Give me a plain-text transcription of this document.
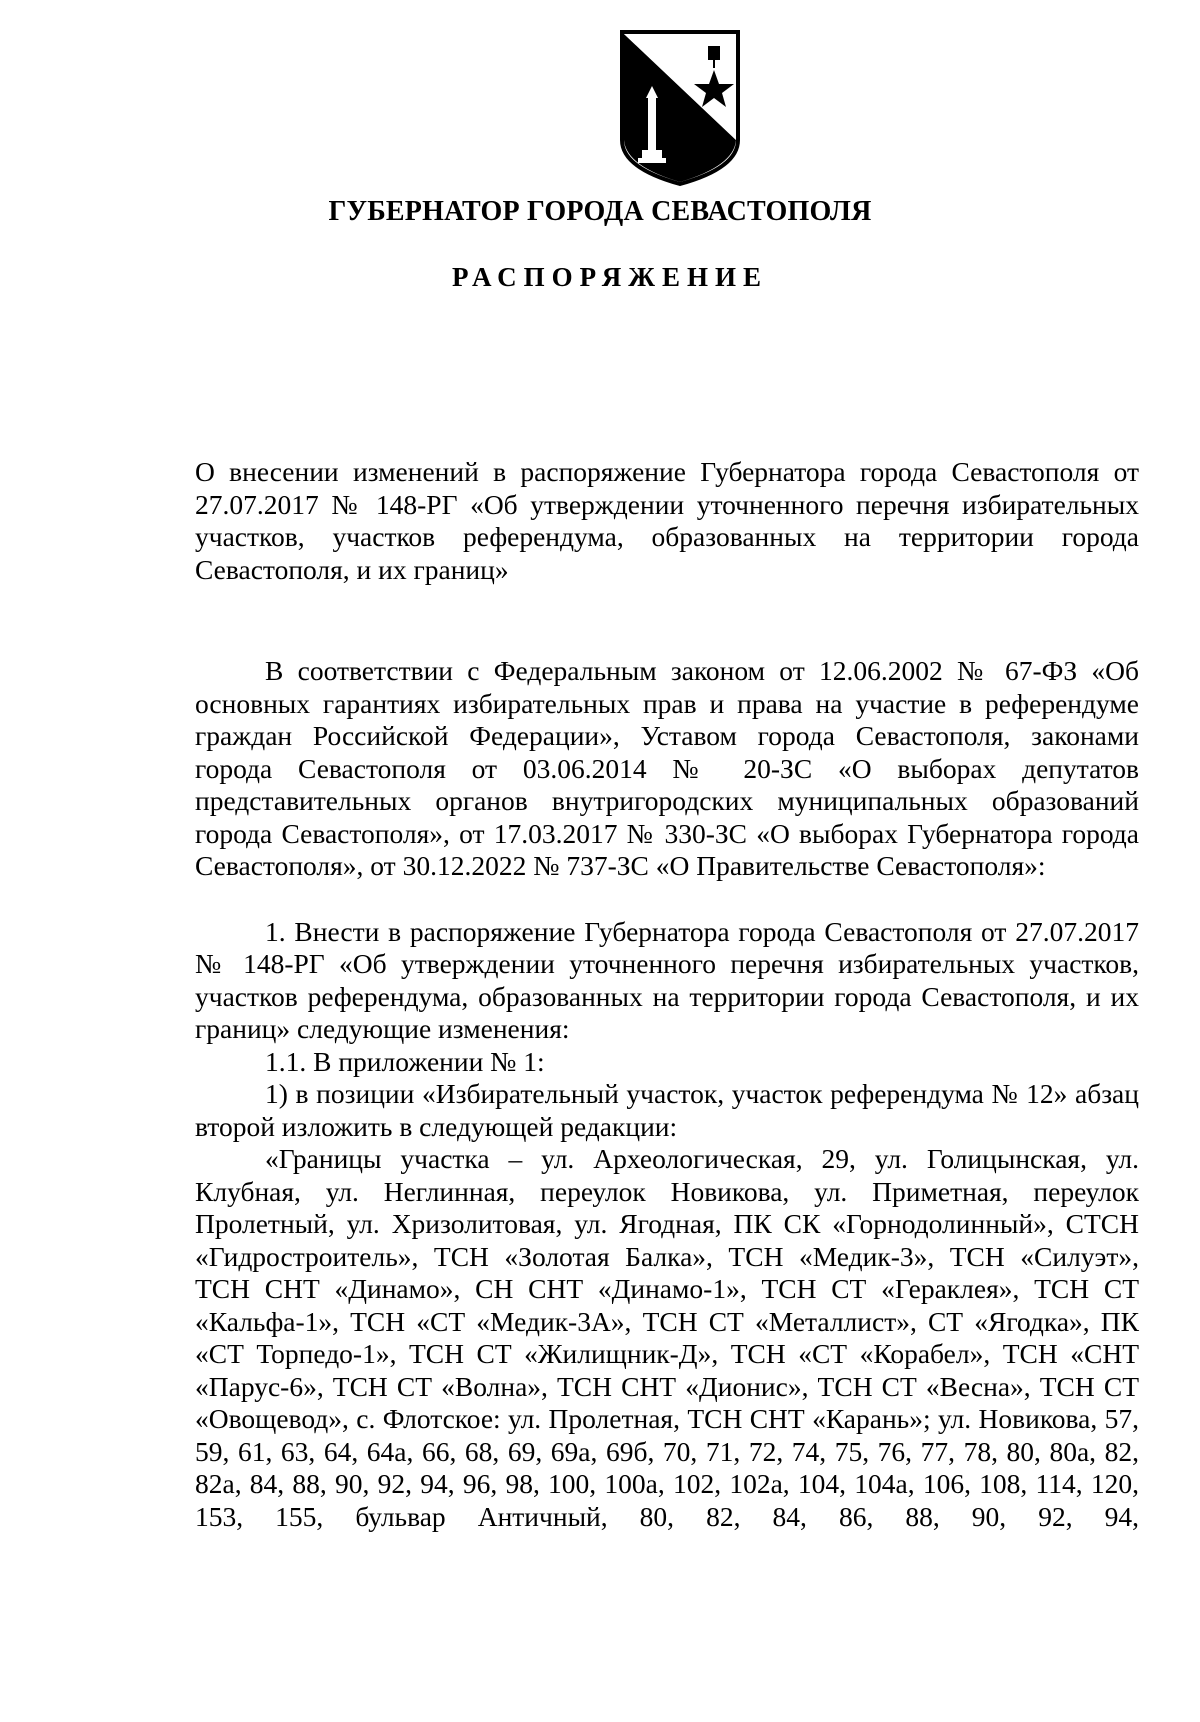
ГУБЕРНАТОР ГОРОДА СЕВАСТОПОЛЯ
РАСПОРЯЖЕНИЕ

О внесении изменений в распоряжение Губернатора города Севастополя от 27.07.2017 № 148-РГ «Об утверждении уточненного перечня избирательных участков, участков референдума, образованных на территории города Севастополя, и их границ»

В соответствии с Федеральным законом от 12.06.2002 № 67-ФЗ «Об основных гарантиях избирательных прав и права на участие в референдуме граждан Российской Федерации», Уставом города Севастополя, законами города Севастополя от 03.06.2014 № 20-ЗС «О выборах депутатов представительных органов внутригородских муниципальных образований города Севастополя», от 17.03.2017 № 330-ЗС «О выборах Губернатора города Севастополя», от 30.12.2022 № 737-ЗС «О Правительстве Севастополя»:

1. Внести в распоряжение Губернатора города Севастополя от 27.07.2017 № 148-РГ «Об утверждении уточненного перечня избирательных участков, участков референдума, образованных на территории города Севастополя, и их границ» следующие изменения:

1.1. В приложении № 1:

1) в позиции «Избирательный участок, участок референдума № 12» абзац второй изложить в следующей редакции:

«Границы участка – ул. Археологическая, 29, ул. Голицынская, ул. Клубная, ул. Неглинная, переулок Новикова, ул. Приметная, переулок Пролетный, ул. Хризолитовая, ул. Ягодная, ПК СК «Горнодолинный», СТСН «Гидростроитель», ТСН «Золотая Балка», ТСН «Медик-3», ТСН «Силуэт», ТСН СНТ «Динамо», СН СНТ «Динамо-1», ТСН СТ «Гераклея», ТСН СТ «Кальфа-1», ТСН «СТ «Медик-3А», ТСН СТ «Металлист», СТ «Ягодка», ПК «СТ Торпедо-1», ТСН СТ «Жилищник-Д», ТСН «СТ «Корабел», ТСН «СНТ «Парус-6», ТСН СТ «Волна», ТСН СНТ «Дионис», ТСН СТ «Весна», ТСН СТ «Овощевод», с. Флотское: ул. Пролетная, ТСН СНТ «Карань»; ул. Новикова, 57, 59, 61, 63, 64, 64а, 66, 68, 69, 69а, 69б, 70, 71, 72, 74, 75, 76, 77, 78, 80, 80а, 82, 82а, 84, 88, 90, 92, 94, 96, 98, 100, 100а, 102, 102а, 104, 104а, 106, 108, 114, 120, 153, 155, бульвар Античный, 80, 82, 84, 86, 88, 90, 92, 94,
